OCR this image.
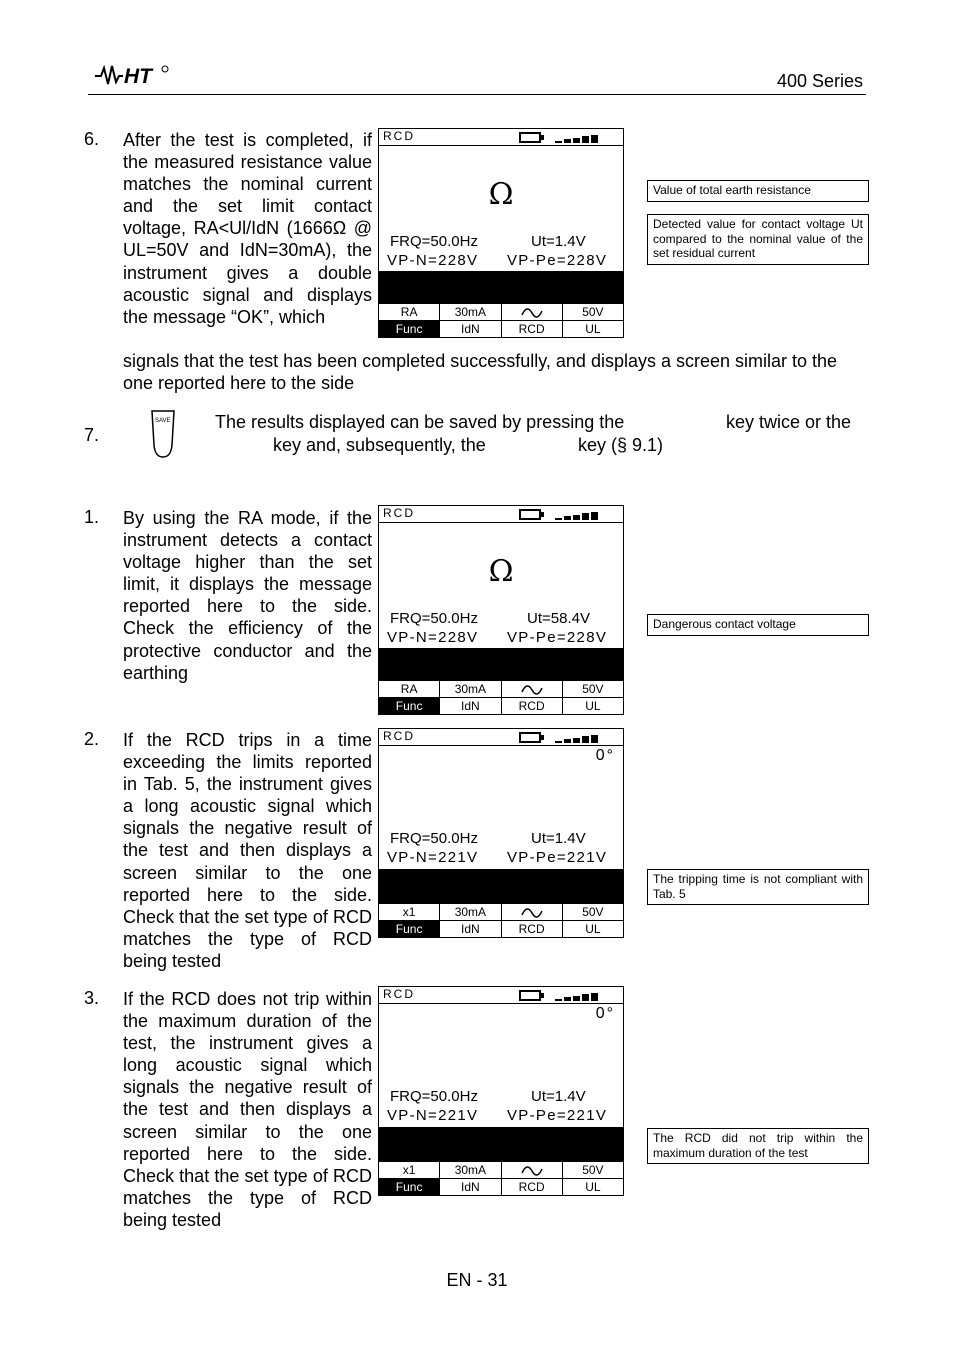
HT	400 Series
6. After the test is completed, if the measured resistance value matches the nominal current and the set limit contact voltage, RA<Ul/IdN (1666Ω @ UL=50V and IdN=30mA), the instrument gives a double acoustic signal and displays the message “OK”, which
signals that the test has been completed successfully, and displays a screen similar to the one reported here to the side
7.
SAVE The results displayed can be saved by pressing the	key twice or the
key and, subsequently, the	key (§ 9.1)
1. By using the RA mode, if the instrument detects a contact voltage higher than the set limit, it displays the message reported here to the side. Check the efficiency of the protective conductor and the earthing
2. If the RCD trips in a time exceeding the limits reported in Tab. 5, the instrument gives a long acoustic signal which signals the negative result of the test and then displays a screen similar to the one reported here to the side. Check that the set type of RCD matches the type of RCD being tested
3. If the RCD does not trip within the maximum duration of the test, the instrument gives a long acoustic signal which signals the negative result of the test and then displays a screen similar to the one reported here to the side. Check that the set type of RCD matches the type of RCD being tested
RCD
Ω
FRQ=50.0Hz	Ut=1.4V
VP-N=228V VP-Pe=228V
RA	30mA	50V
Func	IdN	RCD	UL
RCD
Ω
FRQ=50.0Hz	Ut=58.4V
VP-N=228V VP-Pe=228V
RA	30mA	50V
Func	IdN	RCD	UL
RCD
0°
FRQ=50.0Hz	Ut=1.4V
VP-N=221V VP-Pe=221V
x1	30mA	50V
Func	IdN	RCD	UL
RCD
0°
FRQ=50.0Hz	Ut=1.4V
VP-N=221V VP-Pe=221V
x1	30mA	50V
Func	IdN	RCD	UL
Value of total earth resistance
Detected value for contact voltage Ut compared to the nominal value of the set residual current
Dangerous contact voltage
The tripping time is not compliant with Tab. 5
The RCD did not trip within the maximum duration of the test
EN - 31
